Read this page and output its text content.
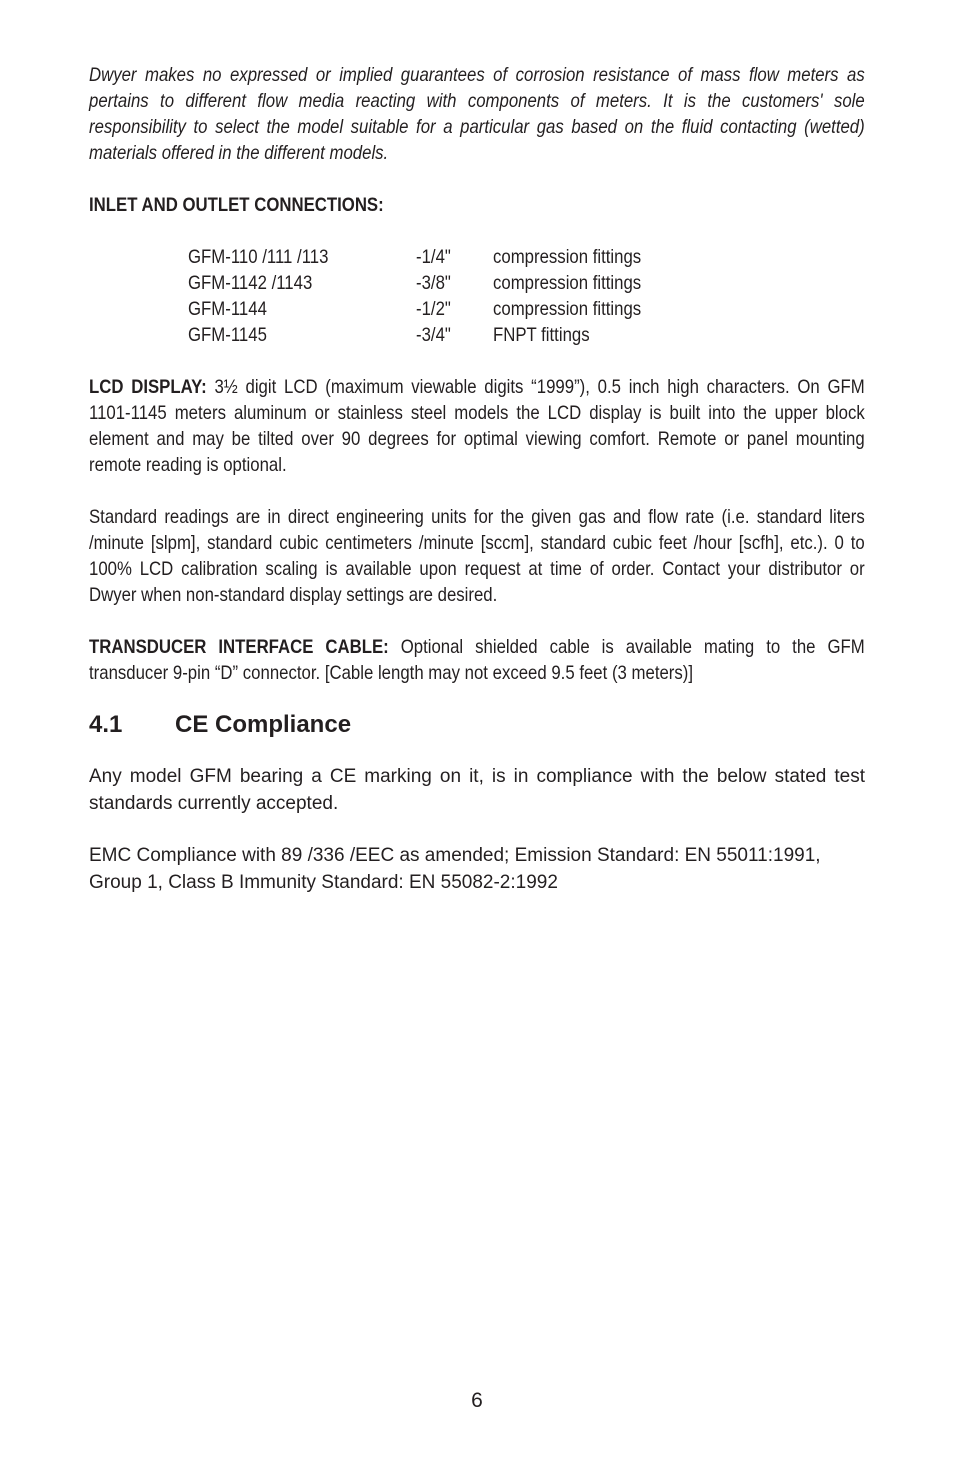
Dwyer makes no expressed or implied guarantees of corrosion resistance of mass flow meters as pertains to different flow media reacting with components of meters. It is the customers' sole responsibility to select the model suitable for a particular gas based on the fluid contacting (wetted) materials offered in the different models.

INLET AND OUTLET CONNECTIONS:

GFM-110 /111 /113	-1/4"	compression fittings
GFM-1142 /1143	-3/8"	compression fittings
GFM-1144	-1/2"	compression fittings
GFM-1145	-3/4"	FNPT fittings

LCD DISPLAY: 3½ digit LCD (maximum viewable digits “1999”), 0.5 inch high characters. On GFM 1101-1145 meters aluminum or stainless steel models the LCD display is built into the upper block element and may be tilted over 90 degrees for optimal viewing comfort. Remote or panel mounting remote reading is optional.

Standard readings are in direct engineering units for the given gas and flow rate (i.e. standard liters /minute [slpm], standard cubic centimeters /minute [sccm], standard cubic feet /hour [scfh], etc.). 0 to 100% LCD calibration scaling is available upon request at time of order. Contact your distributor or Dwyer when non-standard display settings are desired.

TRANSDUCER INTERFACE CABLE: Optional shielded cable is available mating to the GFM transducer 9-pin “D” connector. [Cable length may not exceed 9.5 feet (3 meters)]

4.1 CE Compliance

Any model GFM bearing a CE marking on it, is in compliance with the below stated test standards currently accepted.

EMC Compliance with 89 /336 /EEC as amended; Emission Standard: EN 55011:1991, Group 1, Class B Immunity Standard: EN 55082-2:1992

6
